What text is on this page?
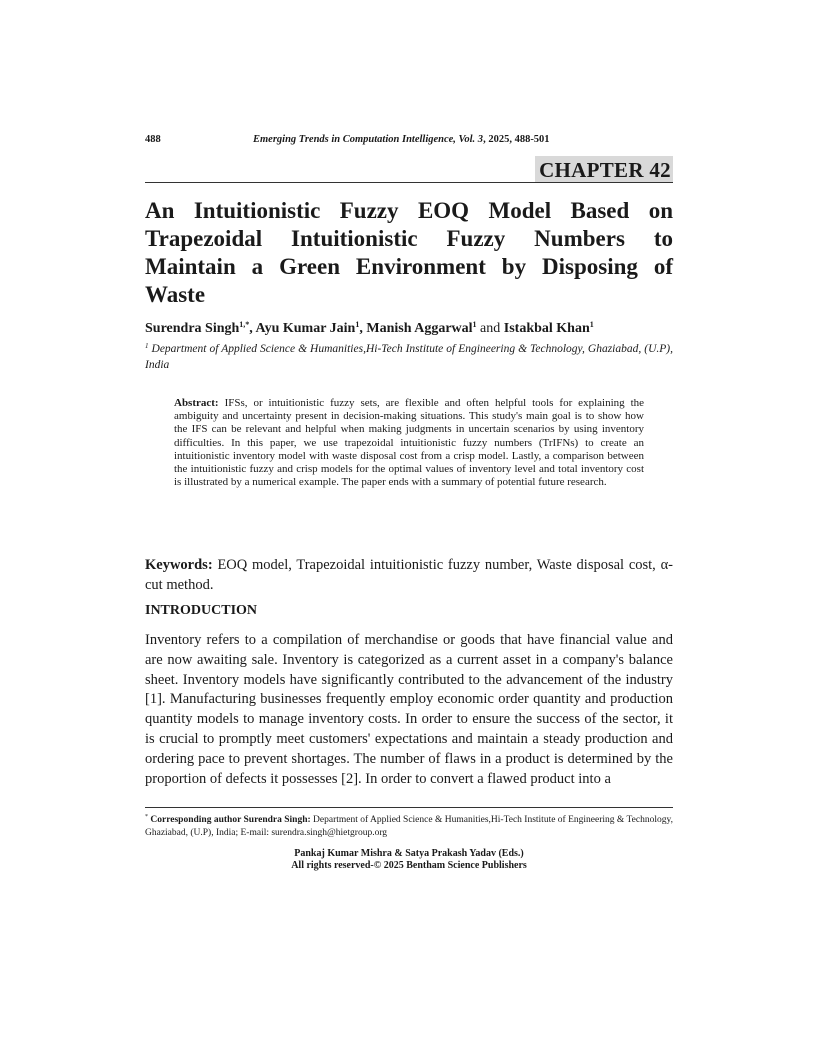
488	Emerging Trends in Computation Intelligence, Vol. 3, 2025, 488-501
CHAPTER 42
An Intuitionistic Fuzzy EOQ Model Based on Trapezoidal Intuitionistic Fuzzy Numbers to Maintain a Green Environment by Disposing of Waste
Surendra Singh$^{1,*}$, Ayu Kumar Jain$^1$, Manish Aggarwal$^1$ and Istakbal Khan$^1$
$^1$ Department of Applied Science & Humanities,Hi-Tech Institute of Engineering & Technology, Ghaziabad, (U.P), India

Abstract: IFSs, or intuitionistic fuzzy sets, are flexible and often helpful tools for explaining the ambiguity and uncertainty present in decision-making situations. This study's main goal is to show how the IFS can be relevant and helpful when making judgments in uncertain scenarios by using inventory difficulties. In this paper, we use trapezoidal intuitionistic fuzzy numbers (TrIFNs) to create an intuitionistic inventory model with waste disposal cost from a crisp model. Lastly, a comparison between the intuitionistic fuzzy and crisp models for the optimal values of inventory level and total inventory cost is illustrated by a numerical example. The paper ends with a summary of potential future research.

Keywords: EOQ model, Trapezoidal intuitionistic fuzzy number, Waste disposal cost, α-cut method.

INTRODUCTION

Inventory refers to a compilation of merchandise or goods that have financial value and are now awaiting sale. Inventory is categorized as a current asset in a company's balance sheet. Inventory models have significantly contributed to the advancement of the industry [1]. Manufacturing businesses frequently employ economic order quantity and production quantity models to manage inventory costs. In order to ensure the success of the sector, it is crucial to promptly meet customers' expectations and maintain a steady production and ordering pace to prevent shortages. The number of flaws in a product is determined by the proportion of defects it possesses [2]. In order to convert a flawed product into a

* Corresponding author Surendra Singh: Department of Applied Science & Humanities,Hi-Tech Institute of Engineering & Technology, Ghaziabad, (U.P), India; E-mail: surendra.singh@hietgroup.org

Pankaj Kumar Mishra & Satya Prakash Yadav (Eds.)
All rights reserved-© 2025 Bentham Science Publishers
